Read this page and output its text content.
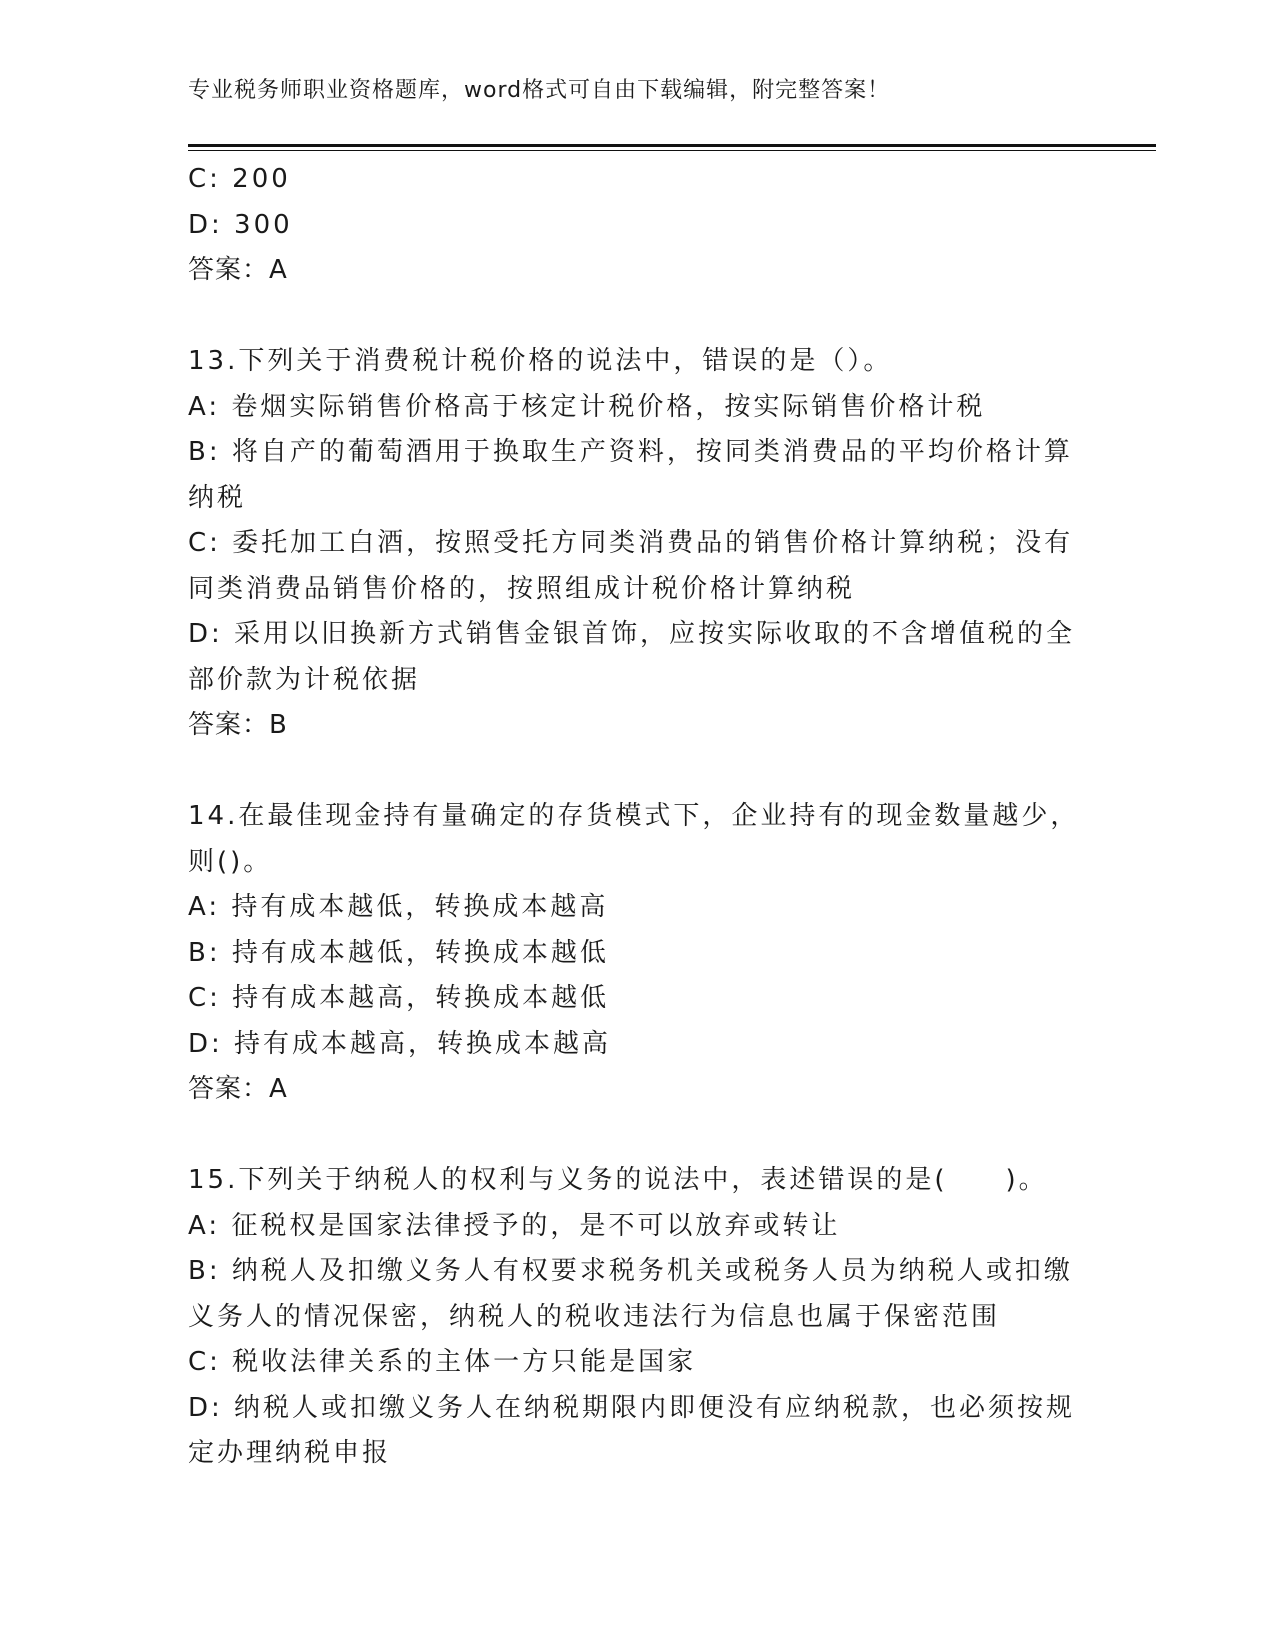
专业税务师职业资格题库，word格式可自由下载编辑，附完整答案！
C: 200
D: 300
答案：A
13.下列关于消费税计税价格的说法中，错误的是（）。
A: 卷烟实际销售价格高于核定计税价格，按实际销售价格计税
B: 将自产的葡萄酒用于换取生产资料，按同类消费品的平均价格计算
纳税
C: 委托加工白酒，按照受托方同类消费品的销售价格计算纳税；没有
同类消费品销售价格的，按照组成计税价格计算纳税
D: 采用以旧换新方式销售金银首饰，应按实际收取的不含增值税的全
部价款为计税依据
答案：B
14.在最佳现金持有量确定的存货模式下，企业持有的现金数量越少，
则()。
A: 持有成本越低，转换成本越高
B: 持有成本越低，转换成本越低
C: 持有成本越高，转换成本越低
D: 持有成本越高，转换成本越高
答案：A
15.下列关于纳税人的权利与义务的说法中，表述错误的是(　　)。
A: 征税权是国家法律授予的，是不可以放弃或转让
B: 纳税人及扣缴义务人有权要求税务机关或税务人员为纳税人或扣缴
义务人的情况保密，纳税人的税收违法行为信息也属于保密范围
C: 税收法律关系的主体一方只能是国家
D: 纳税人或扣缴义务人在纳税期限内即便没有应纳税款，也必须按规
定办理纳税申报
